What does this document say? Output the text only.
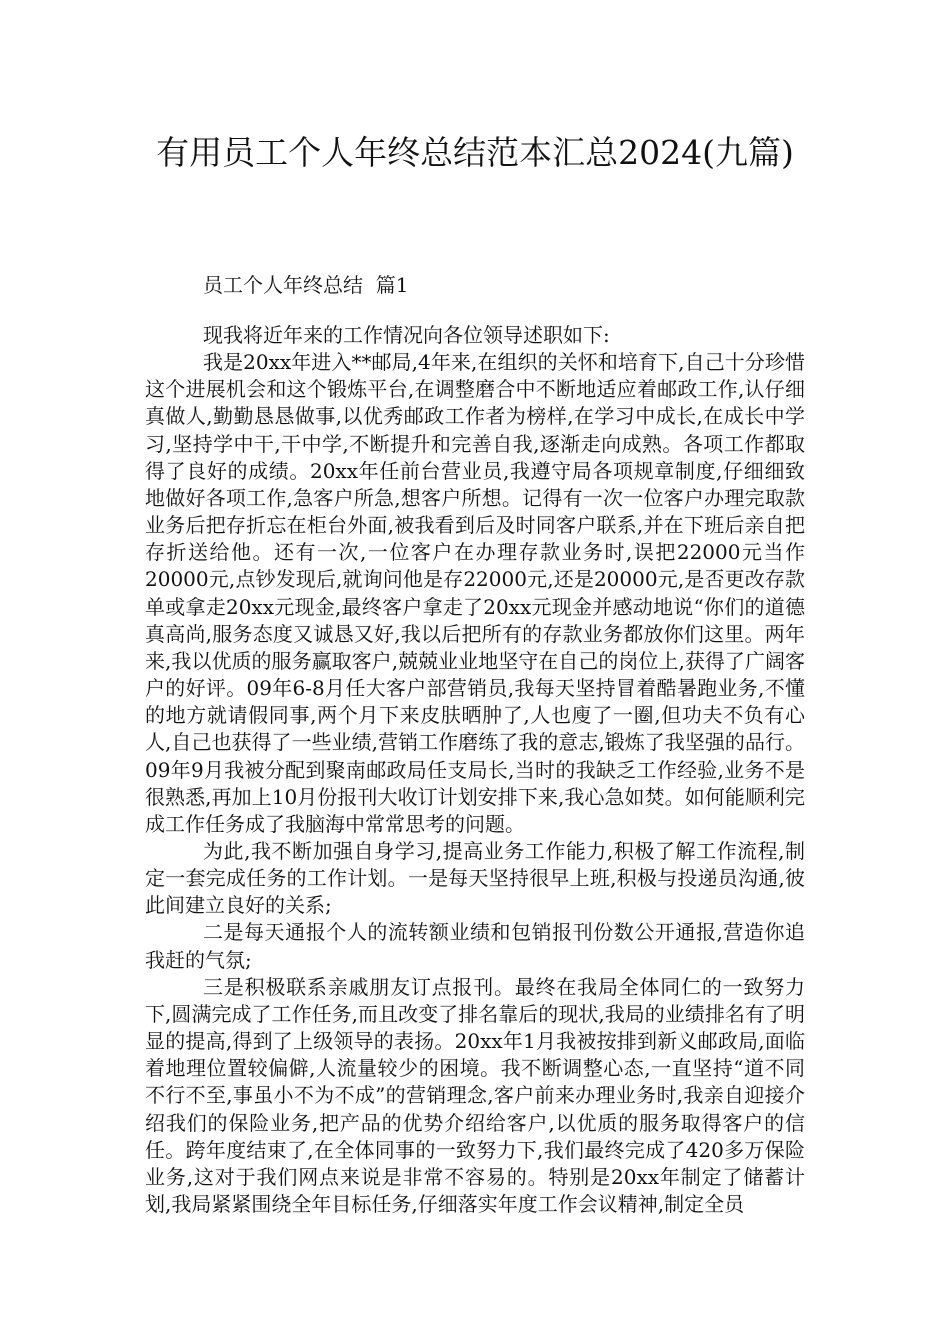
有用员工个人年终总结范本汇总2024(九篇)

员工个人年终总结  篇1

现我将近年来的工作情况向各位领导述职如下:

我是20xx年进入**邮局,4年来,在组织的关怀和培育下,自己十分珍惜这个进展机会和这个锻炼平台,在调整磨合中不断地适应着邮政工作,认仔细真做人,勤勤恳恳做事,以优秀邮政工作者为榜样,在学习中成长,在成长中学习,坚持学中干,干中学,不断提升和完善自我,逐渐走向成熟。各项工作都取得了良好的成绩。20xx年任前台营业员,我遵守局各项规章制度,仔细细致地做好各项工作,急客户所急,想客户所想。记得有一次一位客户办理完取款业务后把存折忘在柜台外面,被我看到后及时同客户联系,并在下班后亲自把存折送给他。还有一次,一位客户在办理存款业务时,误把22000元当作20000元,点钞发现后,就询问他是存22000元,还是20000元,是否更改存款单或拿走20xx元现金,最终客户拿走了20xx元现金并感动地说“你们的道德真高尚,服务态度又诚恳又好,我以后把所有的存款业务都放你们这里。两年来,我以优质的服务赢取客户,兢兢业业地坚守在自己的岗位上,获得了广阔客户的好评。09年6-8月任大客户部营销员,我每天坚持冒着酷暑跑业务,不懂的地方就请假同事,两个月下来皮肤晒肿了,人也廋了一圈,但功夫不负有心人,自己也获得了一些业绩,营销工作磨练了我的意志,锻炼了我坚强的品行。09年9月我被分配到聚南邮政局任支局长,当时的我缺乏工作经验,业务不是很熟悉,再加上10月份报刊大收订计划安排下来,我心急如焚。如何能顺利完成工作任务成了我脑海中常常思考的问题。

为此,我不断加强自身学习,提高业务工作能力,积极了解工作流程,制定一套完成任务的工作计划。一是每天坚持很早上班,积极与投递员沟通,彼此间建立良好的关系;

二是每天通报个人的流转额业绩和包销报刊份数公开通报,营造你追我赶的气氛;

三是积极联系亲戚朋友订点报刊。最终在我局全体同仁的一致努力下,圆满完成了工作任务,而且改变了排名靠后的现状,我局的业绩排名有了明显的提高,得到了上级领导的表扬。20xx年1月我被按排到新义邮政局,面临着地理位置较偏僻,人流量较少的困境。我不断调整心态,一直坚持“道不同不行不至,事虽小不为不成”的营销理念,客户前来办理业务时,我亲自迎接介绍我们的保险业务,把产品的优势介绍给客户,以优质的服务取得客户的信任。跨年度结束了,在全体同事的一致努力下,我们最终完成了420多万保险业务,这对于我们网点来说是非常不容易的。特别是20xx年制定了储蓄计划,我局紧紧围绕全年目标任务,仔细落实年度工作会议精神,制定全员
